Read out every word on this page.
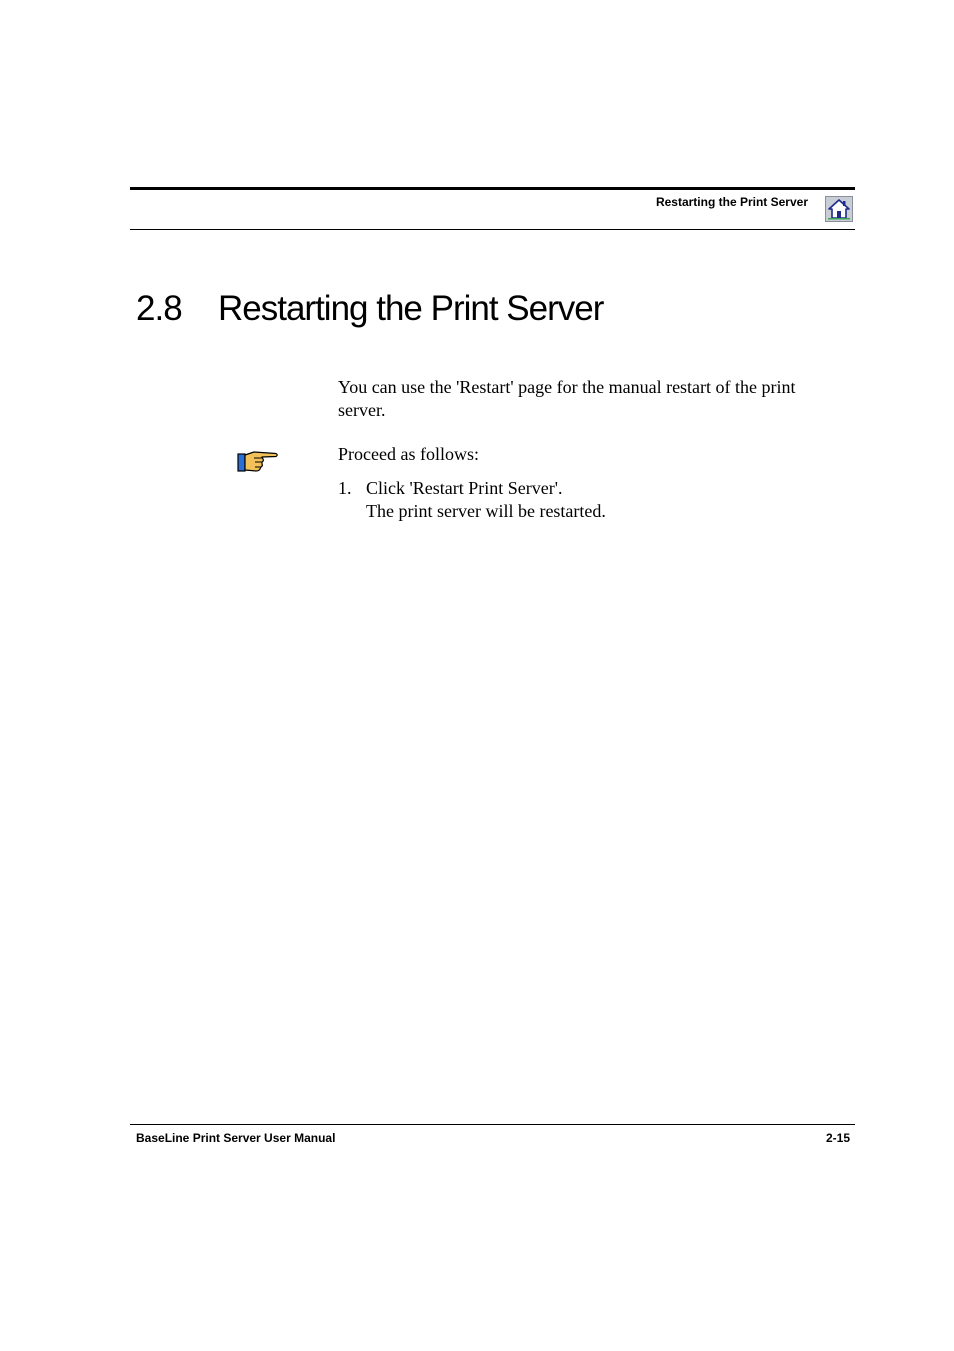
Restarting the Print Server
2.8 Restarting the Print Server

You can use the 'Restart' page for the manual restart of the print server.

Proceed as follows:

1. Click 'Restart Print Server'.
The print server will be restarted.
BaseLine Print Server User Manual	2-15
